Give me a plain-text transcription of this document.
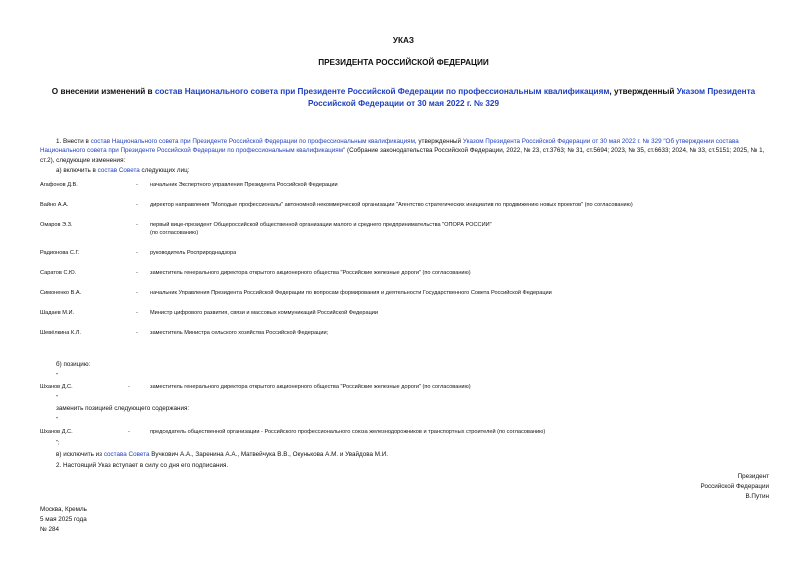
УКАЗ
ПРЕЗИДЕНТА РОССИЙСКОЙ ФЕДЕРАЦИИ
О внесении изменений в состав Национального совета при Президенте Российской Федерации по профессиональным квалификациям, утвержденный Указом Президента Российской Федерации от 30 мая 2022 г. № 329
1. Внести в состав Национального совета при Президенте Российской Федерации по профессиональным квалификациям, утвержденный Указом Президента Российской Федерации от 30 мая 2022 г. № 329 "Об утверждении состава Национального совета при Президенте Российской Федерации по профессиональным квалификациям" (Собрание законодательства Российской Федерации, 2022, № 23, ст.3763; № 31, ст.5694; 2023, № 35, ст.6633; 2024, № 33, ст.5151; 2025, № 1, ст.2), следующие изменения:
а) включить в состав Совета следующих лиц:
Агафонов Д.В.	- начальник Экспертного управления Президента Российской Федерации
Вайно А.А.	- директор направления "Молодые профессионалы" автономной некоммерческой организации "Агентство стратегических инициатив по продвижению новых проектов" (по согласованию)
Омаров Э.З.	- первый вице-президент Общероссийской общественной организации малого и среднего предпринимательства "ОПОРА РОССИИ"
(по согласованию)
Радионова С.Г.	- руководитель Росприроднадзора
Саратов С.Ю.	- заместитель генерального директора открытого акционерного общества "Российские железные дороги" (по согласованию)
Симоненко В.А.	- начальник Управления Президента Российской Федерации по вопросам формирования и деятельности Государственного Совета Российской Федерации
Шадаев М.И.	- Министр цифрового развития, связи и массовых коммуникаций Российской Федерации
Шевёлкина К.Л.	- заместитель Министра сельского хозяйства Российской Федерации;
б) позицию:
"
Шханов Д.С.	-	заместитель генерального директора открытого акционерного общества "Российские железные дороги" (по согласованию)
"
заменить позицией следующего содержания:
"
Шханов Д.С.	-	председатель общественной организации - Российского профессионального союза железнодорожников и транспортных строителей (по согласованию)
";
в) исключить из состава Совета Вучкович А.А., Заренина А.А., Матвейчука В.В., Окунькова А.М. и Увайдова М.И.
2. Настоящий Указ вступает в силу со дня его подписания.
Президент
Российской Федерации
В.Путин
Москва, Кремль
5 мая 2025 года
№ 284
